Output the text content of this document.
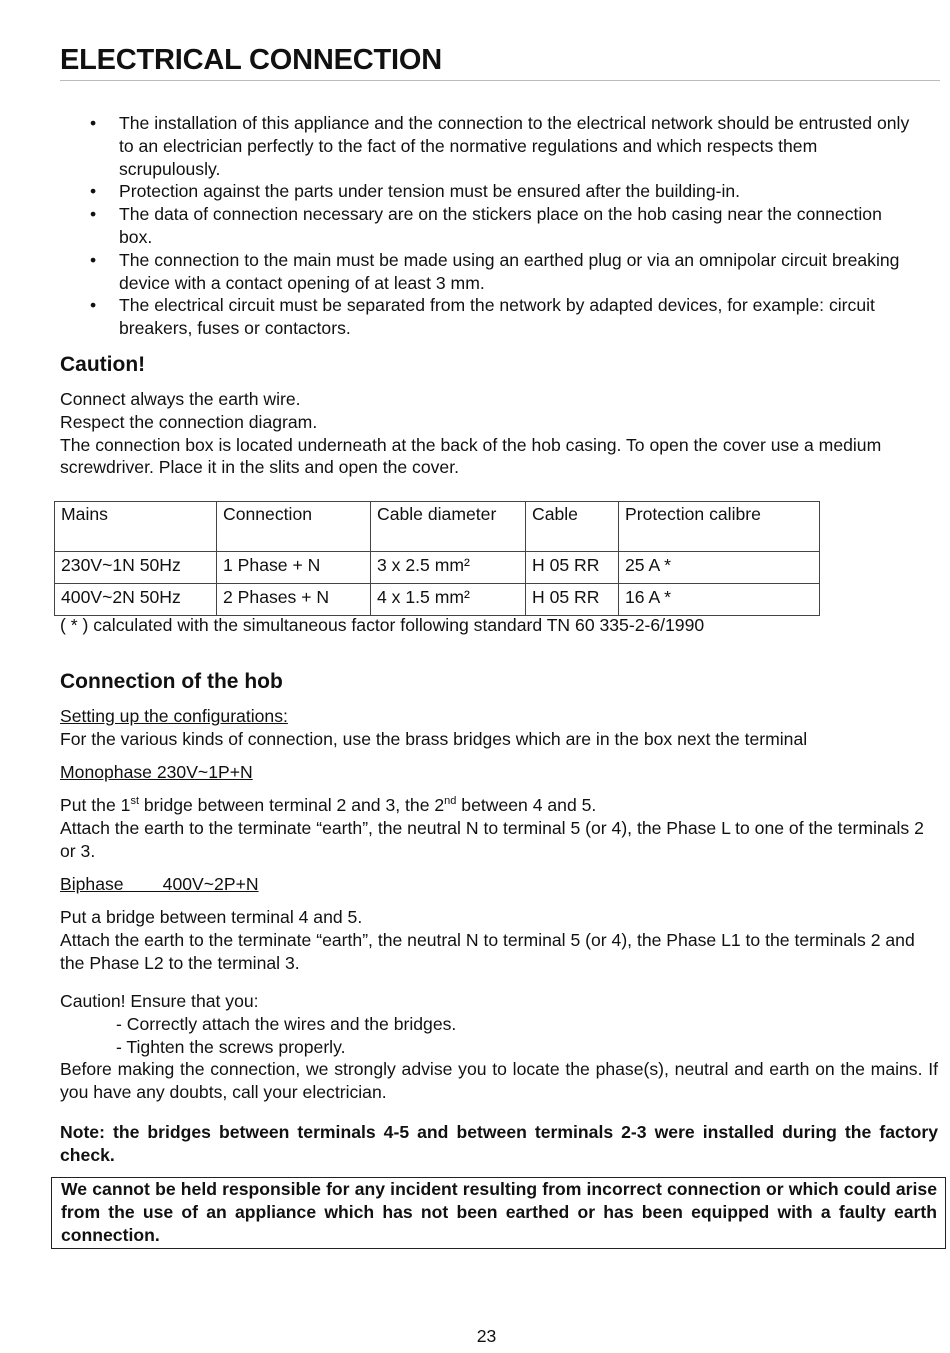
ELECTRICAL CONNECTION
• The installation of this appliance and the connection to the electrical network should be entrusted only to an electrician perfectly to the fact of the normative regulations and which respects them scrupulously.
• Protection against the parts under tension must be ensured after the building-in.
• The data of connection necessary are on the stickers place on the hob casing near the connection box.
• The connection to the main must be made using an earthed plug or via an omnipolar circuit breaking device with a contact opening of at least 3 mm.
• The electrical circuit must be separated from the network by adapted devices, for example: circuit breakers, fuses or contactors.
Caution!
Connect always the earth wire.
Respect the connection diagram.
The connection box is located underneath at the back of the hob casing. To open the cover use a medium screwdriver. Place it in the slits and open the cover.
Mains	Connection	Cable diameter	Cable	Protection calibre
230V~1N 50Hz	1 Phase + N	3 x 2.5 mm²	H 05 RR	25 A *
400V~2N 50Hz	2 Phases + N	4 x 1.5 mm²	H 05 RR	16 A *
( * ) calculated with the simultaneous factor following standard TN 60 335-2-6/1990
Connection of the hob
Setting up the configurations:
For the various kinds of connection, use the brass bridges which are in the box next the terminal
Monophase 230V~1P+N
Put the 1st bridge between terminal 2 and 3, the 2nd between 4 and 5.
Attach the earth to the terminate “earth”, the neutral N to terminal 5 (or 4), the Phase L to one of the terminals 2 or 3.
Biphase        400V~2P+N
Put a bridge between terminal 4 and 5.
Attach the earth to the terminate “earth”, the neutral N to terminal 5 (or 4), the Phase L1 to the terminals 2 and the Phase L2 to the terminal 3.
Caution! Ensure that you:
- Correctly attach the wires and the bridges.
- Tighten the screws properly.
Before making the connection, we strongly advise you to locate the phase(s), neutral and earth on the mains. If you have any doubts, call your electrician.
Note: the bridges between terminals 4-5 and between terminals 2-3 were installed during the factory check.
We cannot be held responsible for any incident resulting from incorrect connection or which could arise from the use of an appliance which has not been earthed or has been equipped with a faulty earth connection.
23
